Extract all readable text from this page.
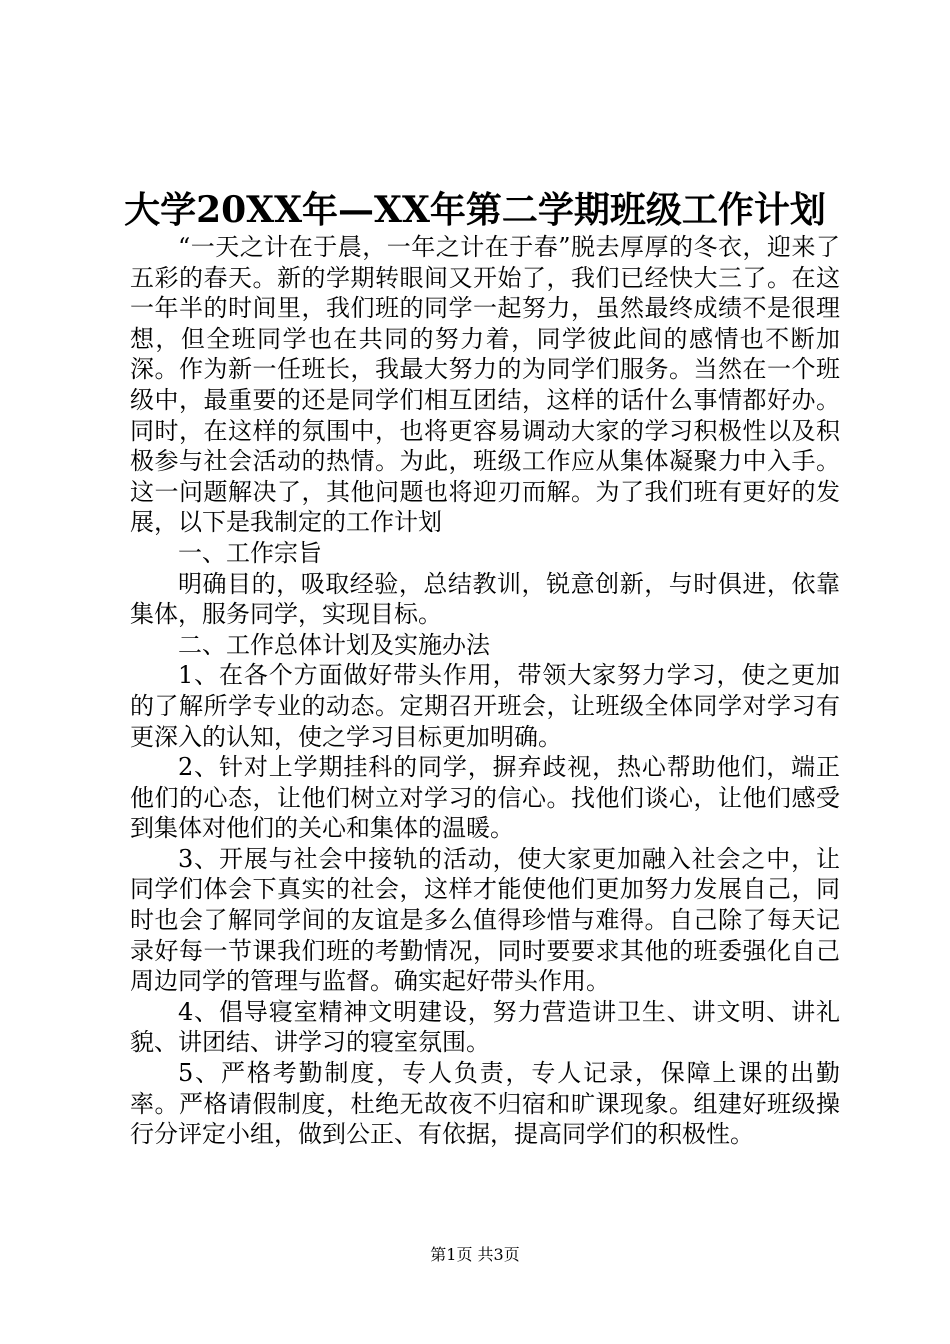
大学20XX年—XX年第二学期班级工作计划

“一天之计在于晨，一年之计在于春”脱去厚厚的冬衣，迎来了五彩的春天。新的学期转眼间又开始了，我们已经快大三了。在这一年半的时间里，我们班的同学一起努力，虽然最终成绩不是很理想，但全班同学也在共同的努力着，同学彼此间的感情也不断加深。作为新一任班长，我最大努力的为同学们服务。当然在一个班级中，最重要的还是同学们相互团结，这样的话什么事情都好办。同时，在这样的氛围中，也将更容易调动大家的学习积极性以及积极参与社会活动的热情。为此，班级工作应从集体凝聚力中入手。这一问题解决了，其他问题也将迎刃而解。为了我们班有更好的发展，以下是我制定的工作计划

一、工作宗旨

明确目的，吸取经验，总结教训，锐意创新，与时俱进，依靠集体，服务同学，实现目标。

二、工作总体计划及实施办法

1、在各个方面做好带头作用，带领大家努力学习，使之更加的了解所学专业的动态。定期召开班会，让班级全体同学对学习有更深入的认知，使之学习目标更加明确。

2、针对上学期挂科的同学，摒弃歧视，热心帮助他们，端正他们的心态，让他们树立对学习的信心。找他们谈心，让他们感受到集体对他们的关心和集体的温暖。

3、开展与社会中接轨的活动，使大家更加融入社会之中，让同学们体会下真实的社会，这样才能使他们更加努力发展自己，同时也会了解同学间的友谊是多么值得珍惜与难得。自己除了每天记录好每一节课我们班的考勤情况，同时要要求其他的班委强化自己周边同学的管理与监督。确实起好带头作用。

4、倡导寝室精神文明建设，努力营造讲卫生、讲文明、讲礼貌、讲团结、讲学习的寝室氛围。

5、严格考勤制度，专人负责，专人记录，保障上课的出勤率。严格请假制度，杜绝无故夜不归宿和旷课现象。组建好班级操行分评定小组，做到公正、有依据，提高同学们的积极性。

第1页 共3页
